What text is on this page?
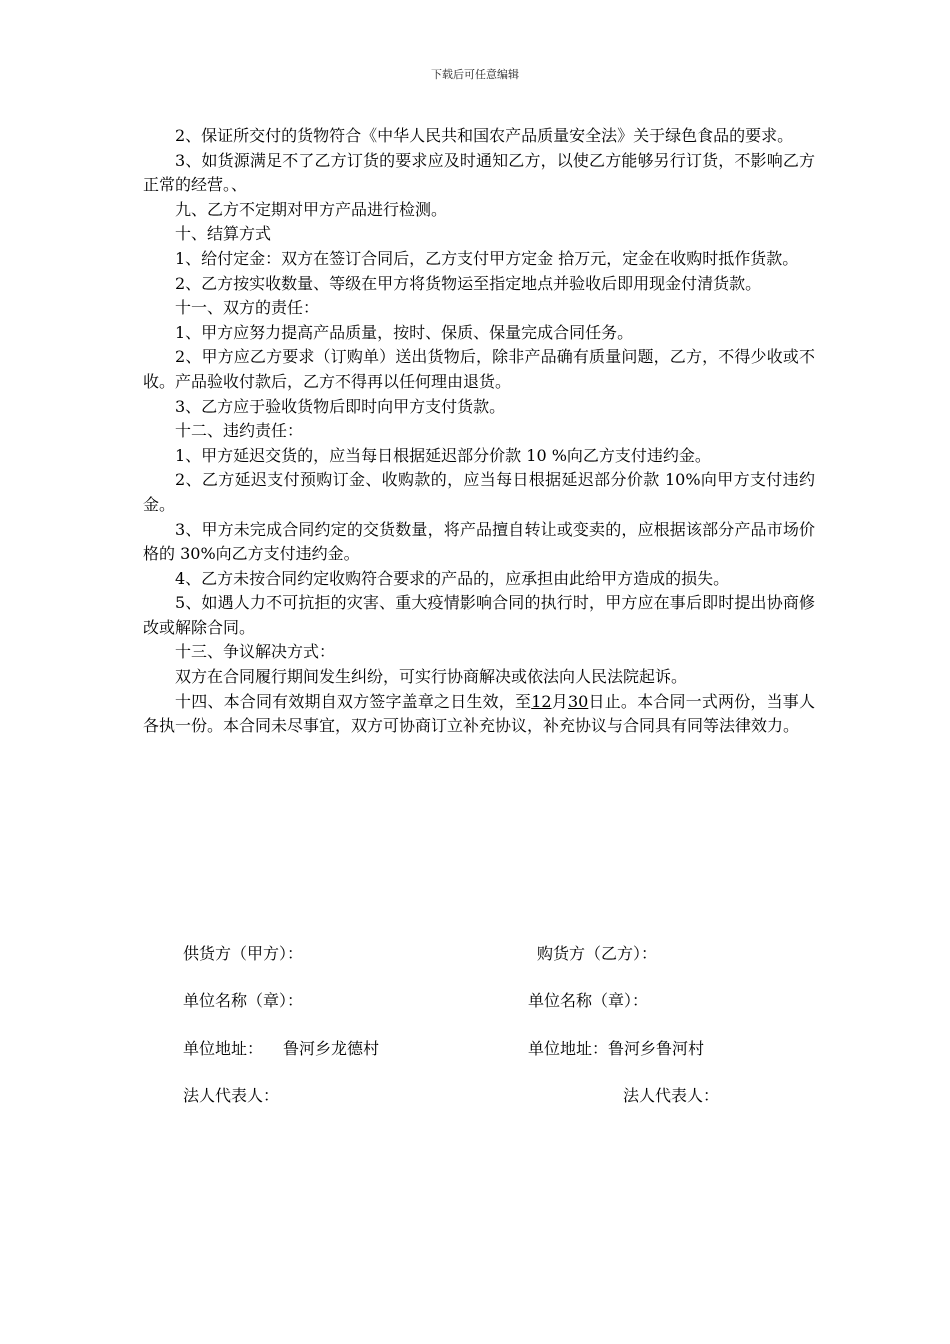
下载后可任意编辑

2、保证所交付的货物符合《中华人民共和国农产品质量安全法》关于绿色食品的要求。

3、如货源满足不了乙方订货的要求应及时通知乙方，以使乙方能够另行订货，不影响乙方正常的经营。、

九、乙方不定期对甲方产品进行检测。

十、结算方式

1、给付定金：双方在签订合同后，乙方支付甲方定金 拾万元，定金在收购时抵作货款。

2、乙方按实收数量、等级在甲方将货物运至指定地点并验收后即用现金付清货款。

十一、双方的责任：

1、甲方应努力提高产品质量，按时、保质、保量完成合同任务。

2、甲方应乙方要求（订购单）送出货物后，除非产品确有质量问题，乙方，不得少收或不收。产品验收付款后，乙方不得再以任何理由退货。

3、乙方应于验收货物后即时向甲方支付货款。

十二、违约责任：

1、甲方延迟交货的，应当每日根据延迟部分价款 10 %向乙方支付违约金。

2、乙方延迟支付预购订金、收购款的，应当每日根据延迟部分价款 10%向甲方支付违约金。

3、甲方未完成合同约定的交货数量，将产品擅自转让或变卖的，应根据该部分产品市场价格的 30%向乙方支付违约金。

4、乙方未按合同约定收购符合要求的产品的，应承担由此给甲方造成的损失。

5、如遇人力不可抗拒的灾害、重大疫情影响合同的执行时，甲方应在事后即时提出协商修改或解除合同。

十三、争议解决方式：

双方在合同履行期间发生纠纷，可实行协商解决或依法向人民法院起诉。

十四、本合同有效期自双方签字盖章之日生效，至12月30日止。本合同一式两份，当事人各执一份。本合同未尽事宜，双方可协商订立补充协议，补充协议与合同具有同等法律效力。

供货方（甲方）：	购货方（乙方）：
单位名称（章）：	单位名称（章）：
单位地址： 鲁河乡龙德村	单位地址：鲁河乡鲁河村
法人代表人：	法人代表人：
